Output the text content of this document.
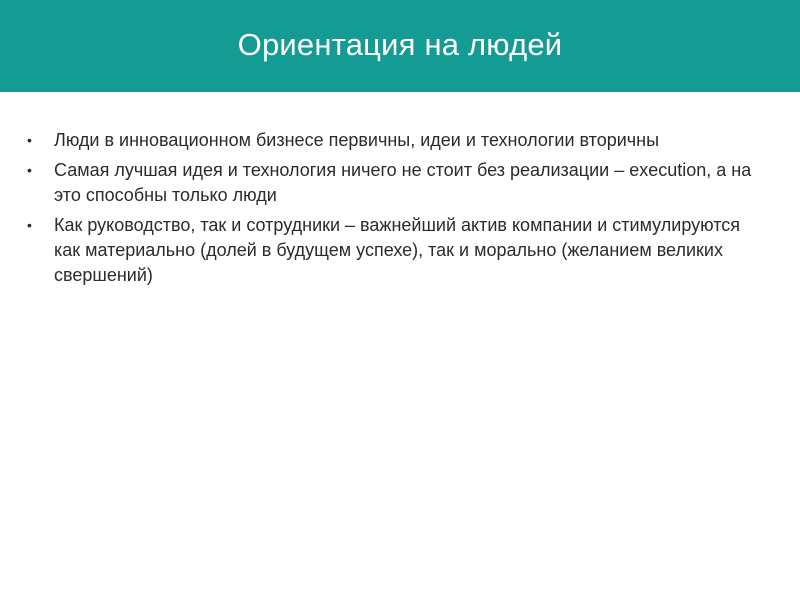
Ориентация на людей
• Люди в инновационном бизнесе первичны, идеи и технологии вторичны
• Самая лучшая идея и технология ничего не стоит без реализации – execution, а на это способны только люди
• Как руководство, так и сотрудники – важнейший актив компании и стимулируются как материально (долей в будущем успехе), так и морально (желанием великих свершений)
